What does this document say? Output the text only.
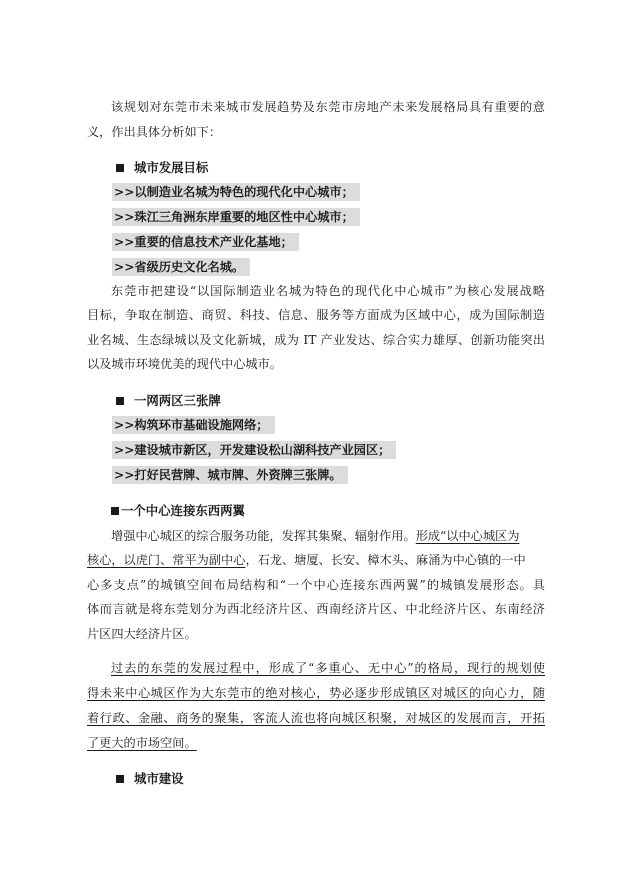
该规划对东莞市未来城市发展趋势及东莞市房地产未来发展格局具有重要的意
义，作出具体分析如下：
城市发展目标
>>以制造业名城为特色的现代化中心城市；
>>珠江三角洲东岸重要的地区性中心城市；
>>重要的信息技术产业化基地；
>>省级历史文化名城。
东莞市把建设“以国际制造业名城为特色的现代化中心城市”为核心发展战略
目标，争取在制造、商贸、科技、信息、服务等方面成为区域中心，成为国际制造
业名城、生态绿城以及文化新城，成为 IT 产业发达、综合实力雄厚、创新功能突出
以及城市环境优美的现代中心城市。
一网两区三张牌
>>构筑环市基础设施网络；
>>建设城市新区，开发建设松山湖科技产业园区；
>>打好民营牌、城市牌、外资牌三张牌。
一个中心连接东西两翼
增强中心城区的综合服务功能，发挥其集聚、辐射作用。形成“以中心城区为
核心，以虎门、常平为副中心，石龙、塘厦、长安、樟木头、麻涌为中心镇的一中
心多支点”的城镇空间布局结构和“一个中心连接东西两翼”的城镇发展形态。具
体而言就是将东莞划分为西北经济片区、西南经济片区、中北经济片区、东南经济
片区四大经济片区。
过去的东莞的发展过程中，形成了“多重心、无中心”的格局，现行的规划使
得未来中心城区作为大东莞市的绝对核心，势必逐步形成镇区对城区的向心力，随
着行政、金融、商务的聚集，客流人流也将向城区积聚，对城区的发展而言，开拓
了更大的市场空间。
城市建设
